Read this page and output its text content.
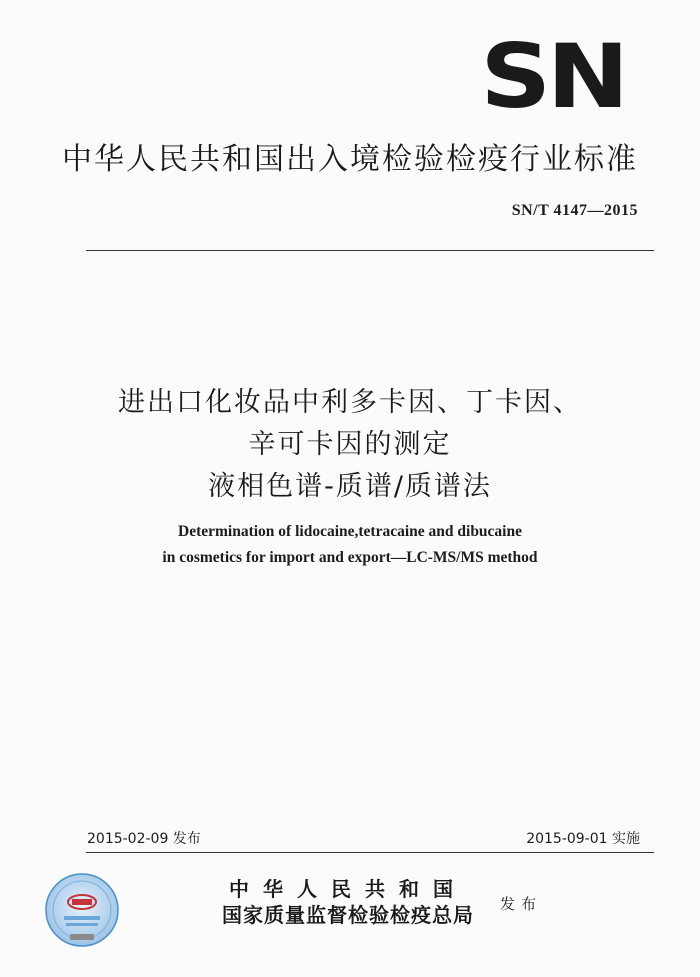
SN
中华人民共和国出入境检验检疫行业标准
SN/T 4147—2015
进出口化妆品中利多卡因、丁卡因、
辛可卡因的测定
液相色谱-质谱/质谱法
Determination of lidocaine,tetracaine and dibucaine
in cosmetics for import and export—LC-MS/MS method
2015-02-09 发布	2015-09-01 实施
中华人民共和国
国家质量监督检验检疫总局	发布
